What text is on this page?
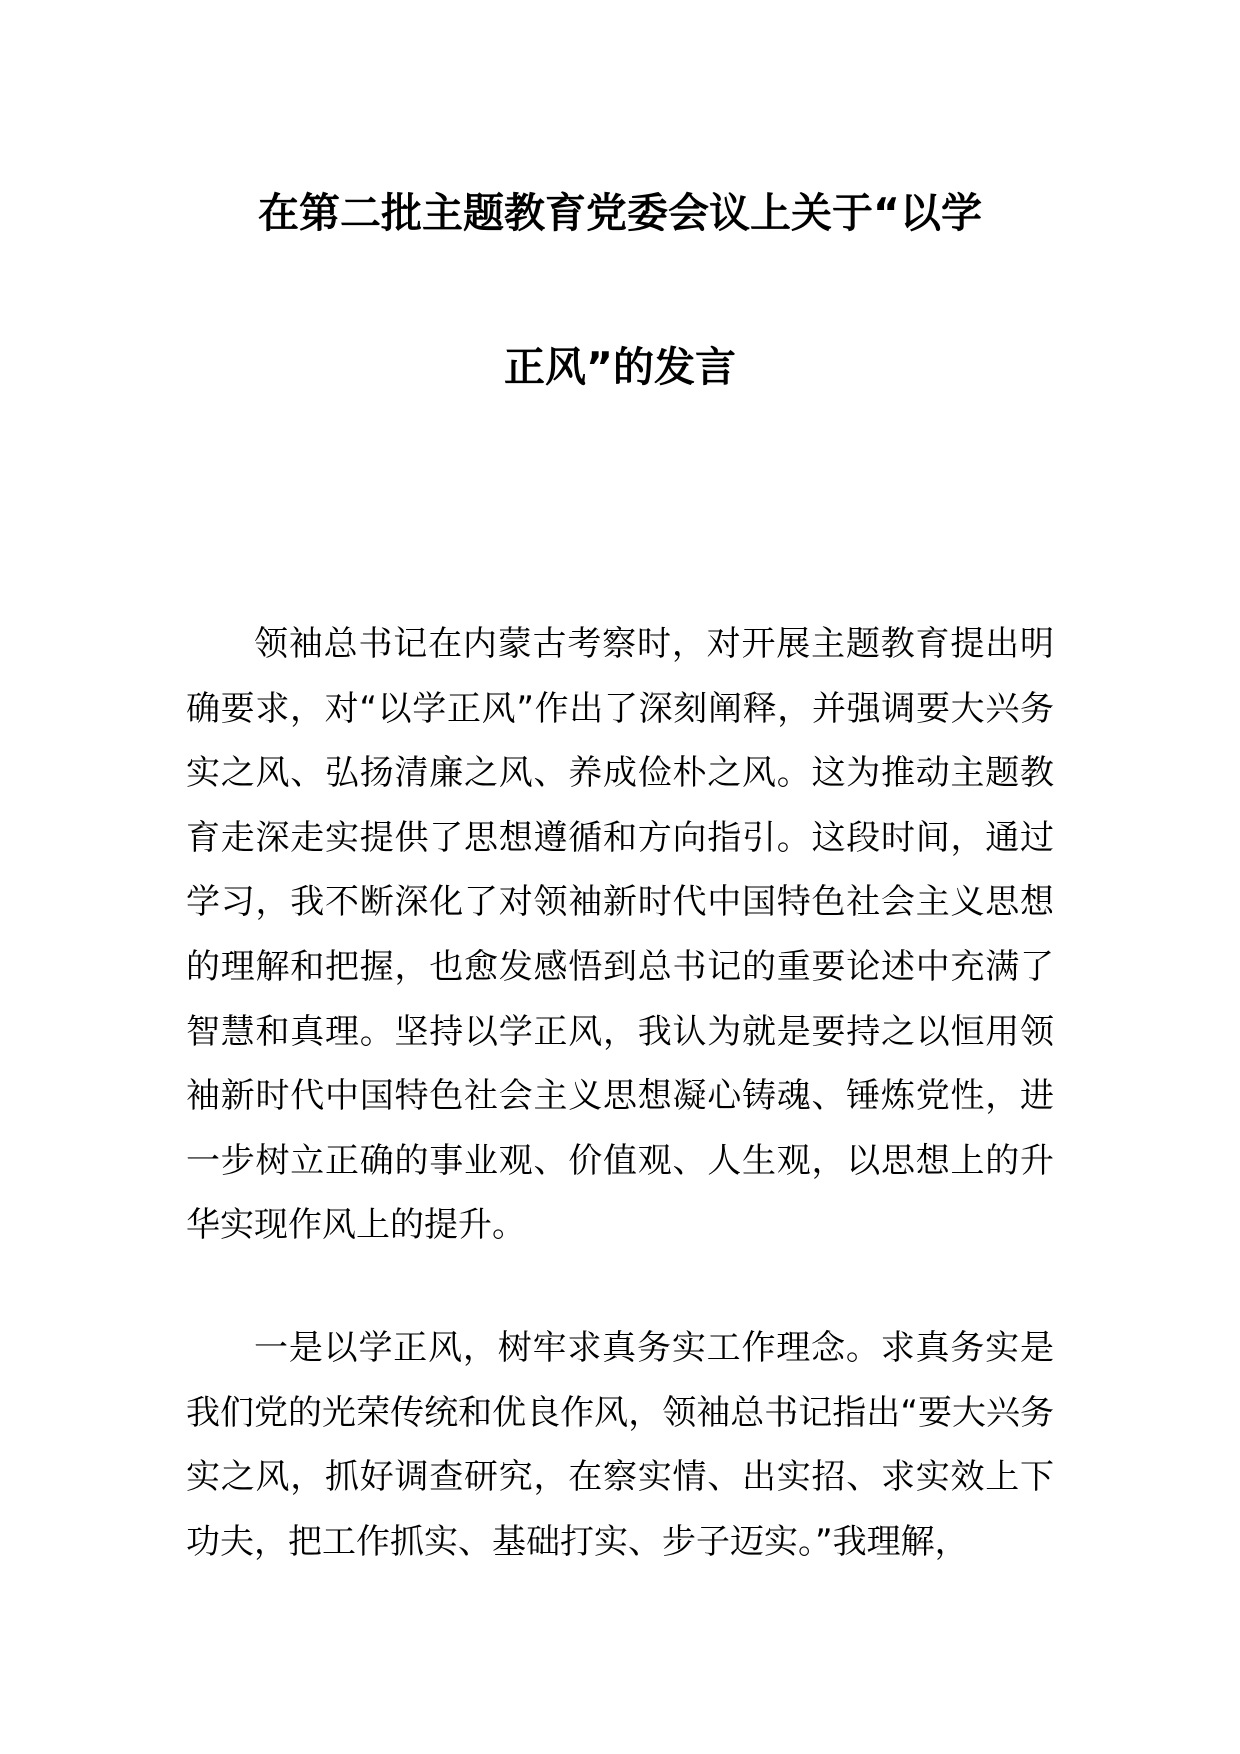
在第二批主题教育党委会议上关于“以学
正风”的发言

领袖总书记在内蒙古考察时，对开展主题教育提出明确要求，对“以学正风”作出了深刻阐释，并强调要大兴务实之风、弘扬清廉之风、养成俭朴之风。这为推动主题教育走深走实提供了思想遵循和方向指引。这段时间，通过学习，我不断深化了对领袖新时代中国特色社会主义思想的理解和把握，也愈发感悟到总书记的重要论述中充满了智慧和真理。坚持以学正风，我认为就是要持之以恒用领袖新时代中国特色社会主义思想凝心铸魂、锤炼党性，进一步树立正确的事业观、价值观、人生观，以思想上的升华实现作风上的提升。

一是以学正风，树牢求真务实工作理念。求真务实是我们党的光荣传统和优良作风，领袖总书记指出“要大兴务实之风，抓好调查研究，在察实情、出实招、求实效上下功夫，把工作抓实、基础打实、步子迈实。”我理解，
